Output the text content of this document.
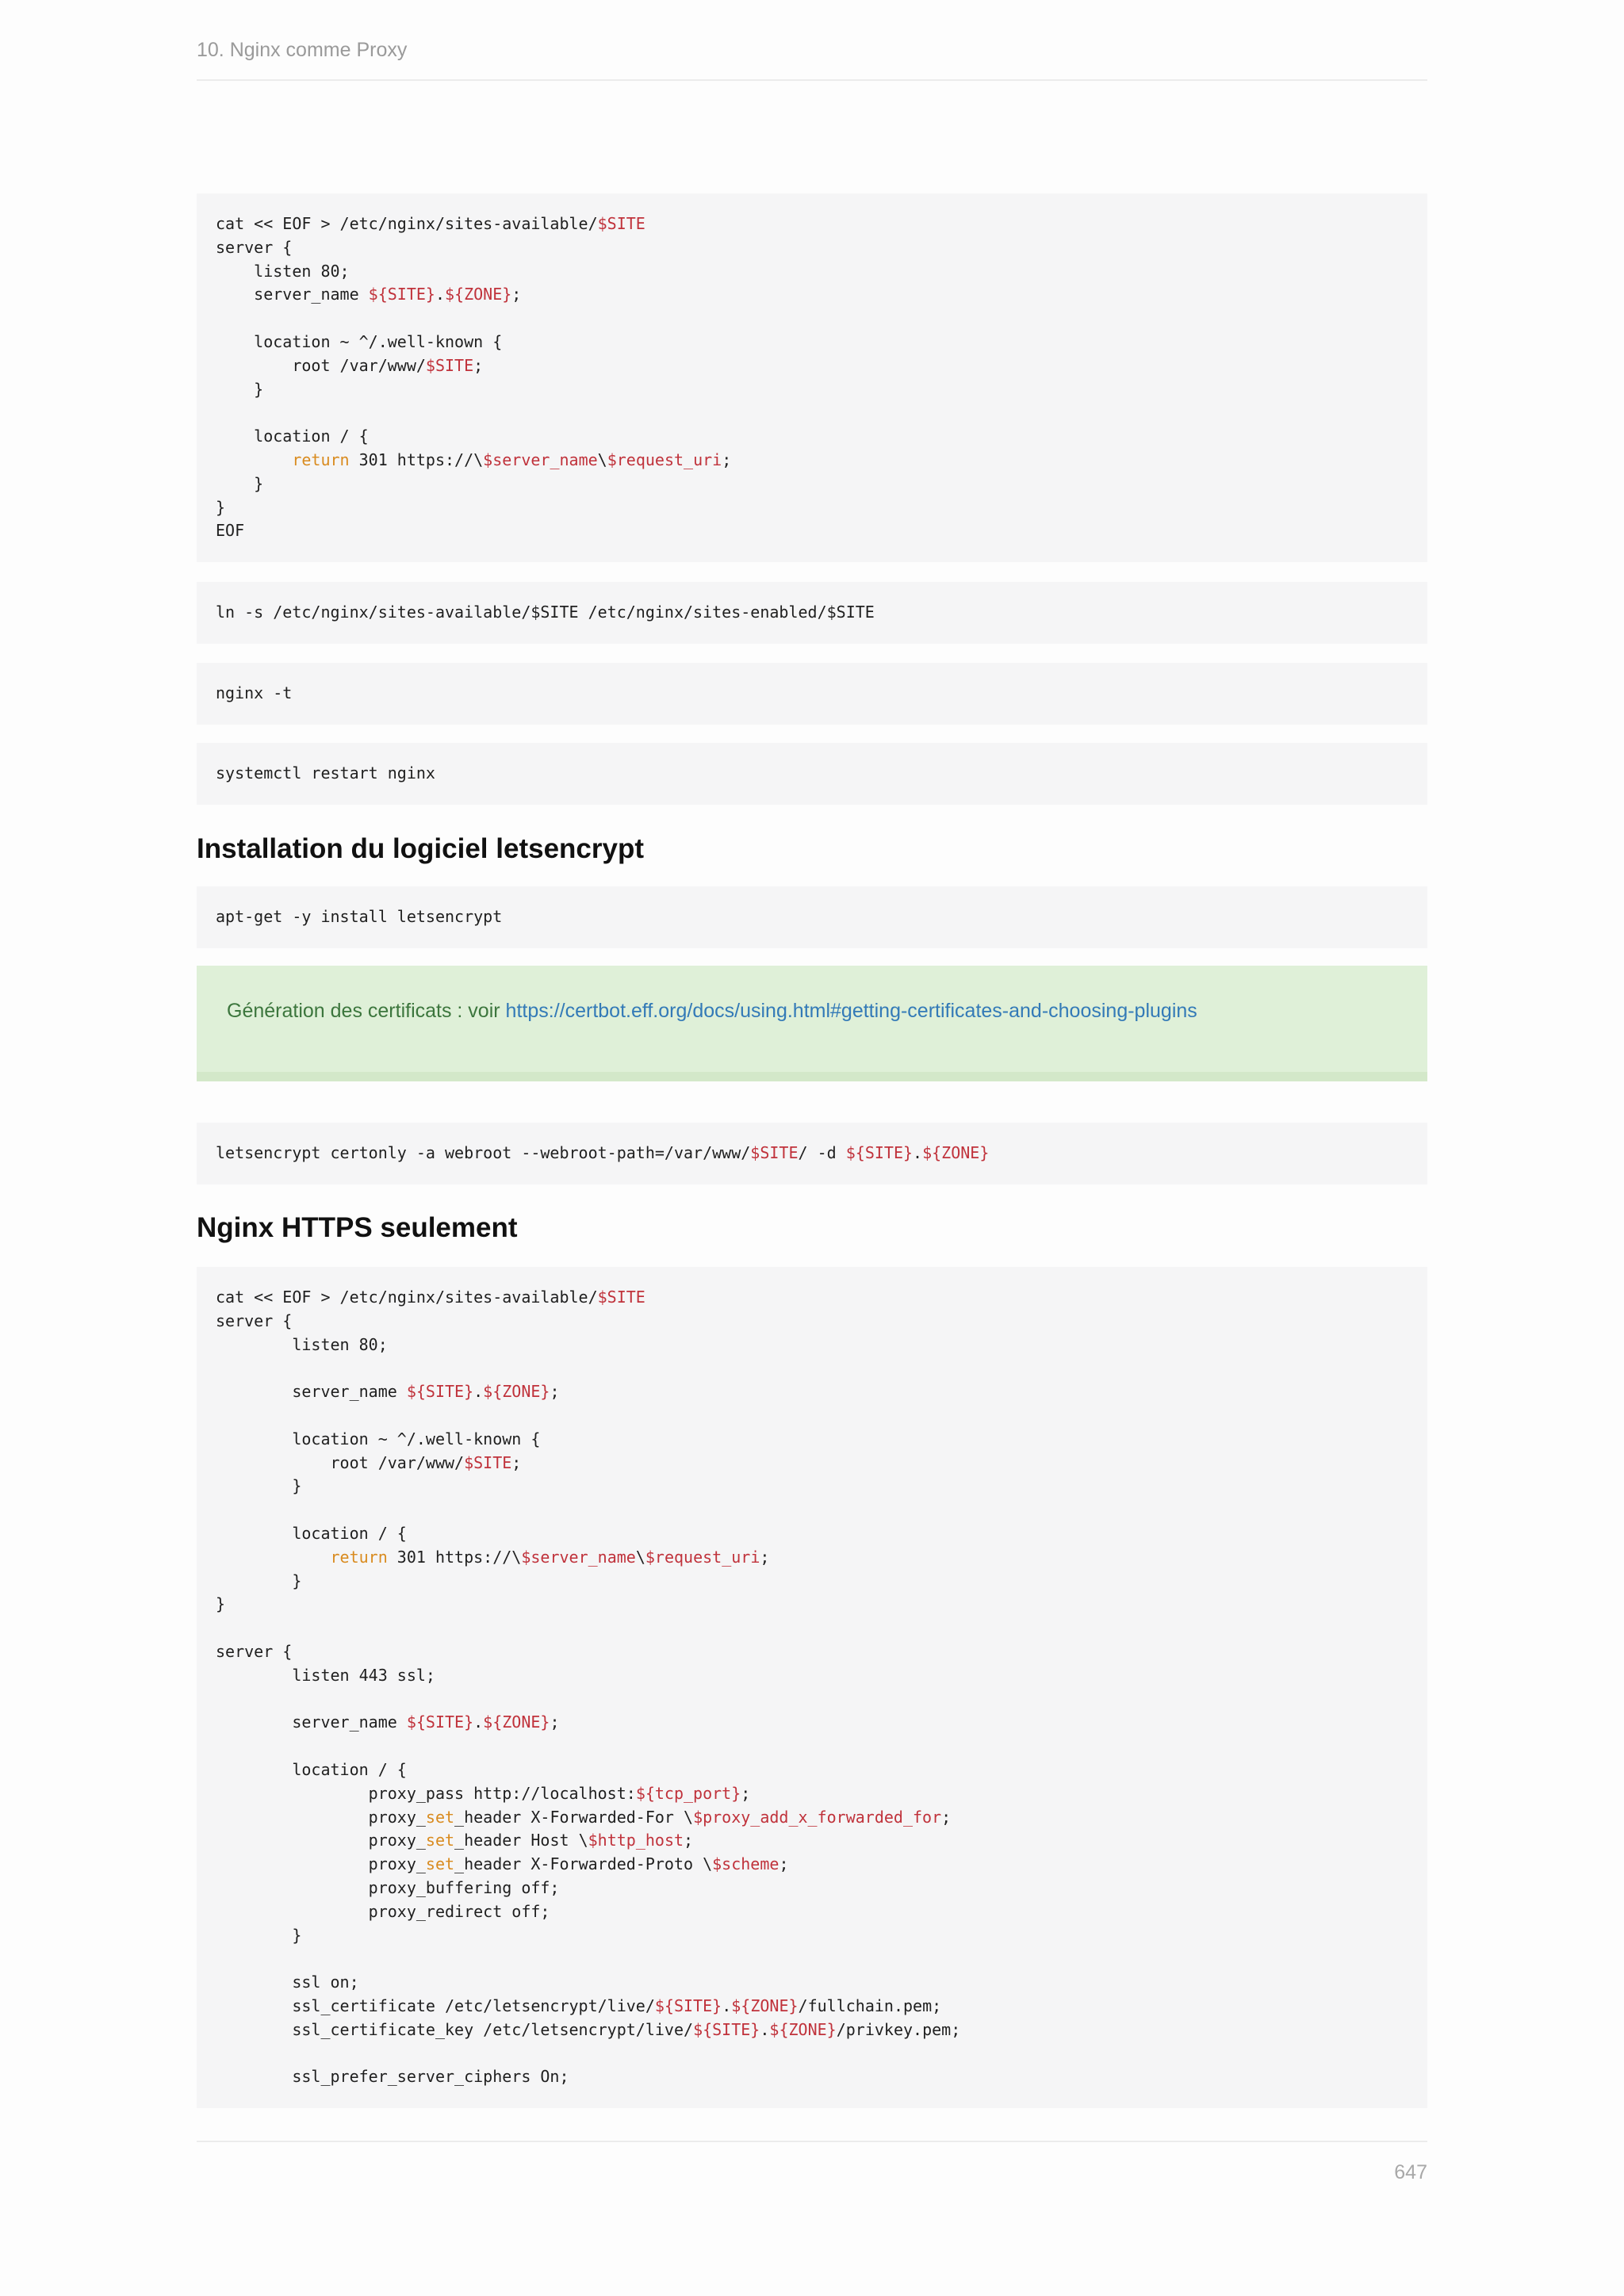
10. Nginx comme Proxy
cat << EOF > /etc/nginx/sites-available/$SITE
server {
listen 80;
server_name ${SITE}.${ZONE};
location ~ ^/.well-known {
root /var/www/$SITE;
}
location / {
return 301 https://\$server_name\$request_uri;
}
}
EOF
ln -s /etc/nginx/sites-available/$SITE /etc/nginx/sites-enabled/$SITE
nginx -t
systemctl restart nginx
Installation du logiciel letsencrypt
apt-get -y install letsencrypt
Génération des certificats : voir https://certbot.eff.org/docs/using.html#getting-certificates-and-choosing-plugins
letsencrypt certonly -a webroot --webroot-path=/var/www/$SITE/ -d ${SITE}.${ZONE}
Nginx HTTPS seulement
cat << EOF > /etc/nginx/sites-available/$SITE
server {
listen 80;
server_name ${SITE}.${ZONE};
location ~ ^/.well-known {
root /var/www/$SITE;
}
location / {
return 301 https://\$server_name\$request_uri;
}
}
server {
listen 443 ssl;
server_name ${SITE}.${ZONE};
location / {
proxy_pass http://localhost:${tcp_port};
proxy_set_header X-Forwarded-For \$proxy_add_x_forwarded_for;
proxy_set_header Host \$http_host;
proxy_set_header X-Forwarded-Proto \$scheme;
proxy_buffering off;
proxy_redirect off;
}
ssl on;
ssl_certificate /etc/letsencrypt/live/${SITE}.${ZONE}/fullchain.pem;
ssl_certificate_key /etc/letsencrypt/live/${SITE}.${ZONE}/privkey.pem;
ssl_prefer_server_ciphers On;
647
